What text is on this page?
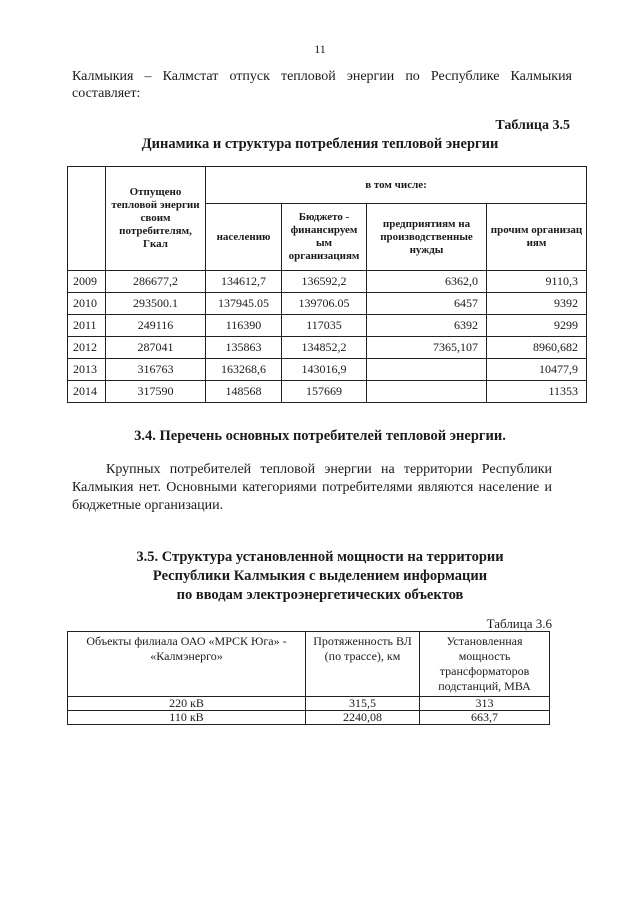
11
Калмыкия – Калмстат отпуск тепловой энергии по Республике Калмыкия составляет:
Таблица 3.5
Динамика и структура потребления тепловой энергии
	Отпущено тепловой энергии своим потребителям, Гкал	в том числе:			
		населению	Бюджето - финансируем ым организациям	предприятиям на производственные нужды	прочим организац иям
2009	286677,2	134612,7	136592,2	6362,0	9110,3
2010	293500.1	137945.05	139706.05	6457	9392
2011	249116	116390	117035	6392	9299
2012	287041	135863	134852,2	7365,107	8960,682
2013	316763	163268,6	143016,9		10477,9
2014	317590	148568	157669		11353
3.4. Перечень основных потребителей тепловой энергии.
Крупных потребителей тепловой энергии на территории Республики Калмыкия нет. Основными категориями потребителями являются население и бюджетные организации.
3.5. Структура установленной мощности на территории
Республики Калмыкия с выделением информации
по вводам электроэнергетических объектов
Таблица 3.6
Объекты филиала ОАО «МРСК Юга» - «Калмэнерго»	Протяженность ВЛ (по трассе), км	Установленная мощность трансформаторов подстанций, МВА
220 кВ	315,5	313
110 кВ	2240,08	663,7
